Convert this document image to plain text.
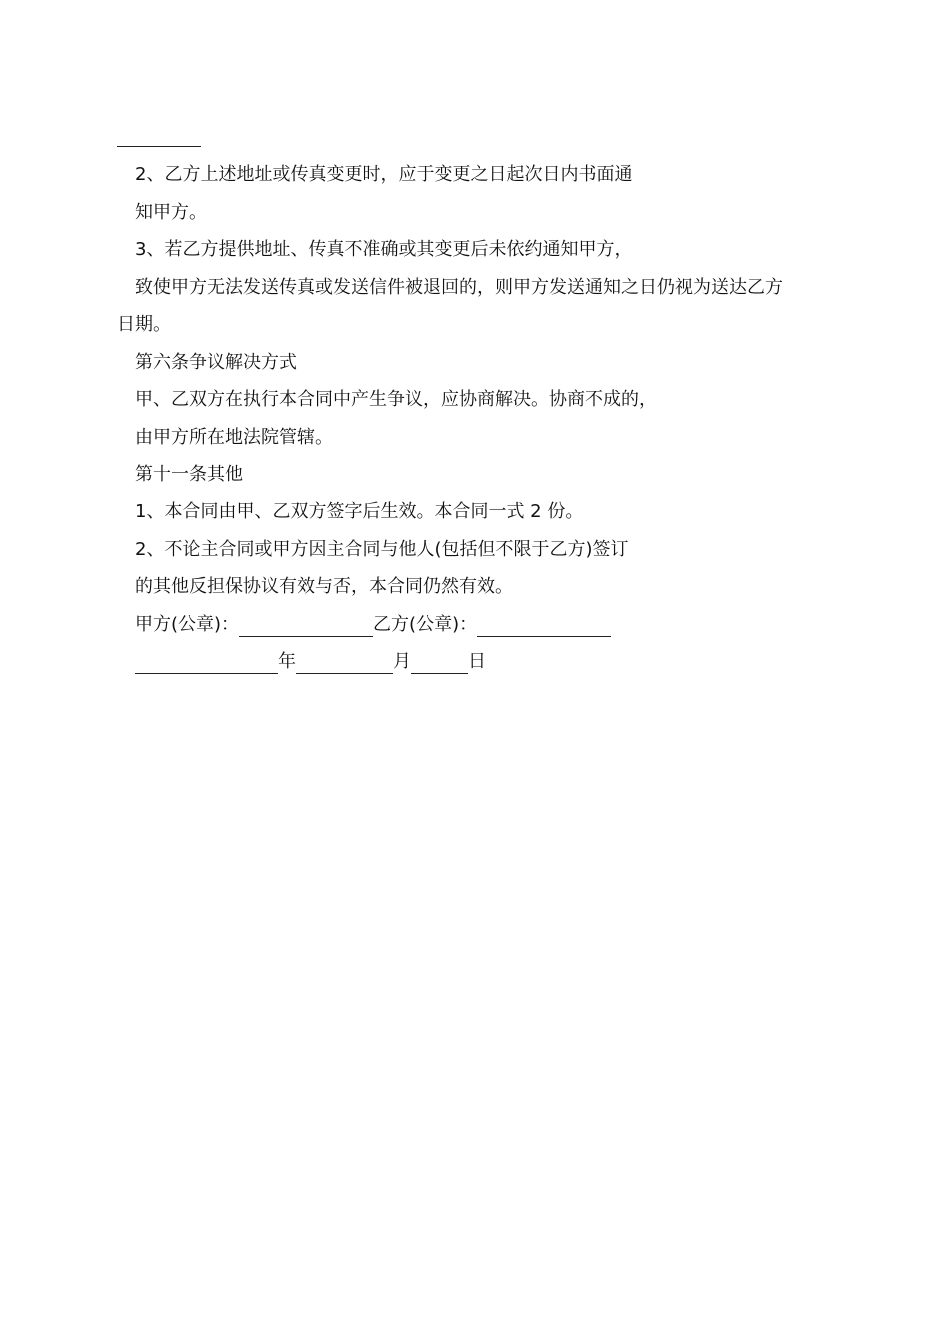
2、乙方上述地址或传真变更时，应于变更之日起次日内书面通
知甲方。
3、若乙方提供地址、传真不准确或其变更后未依约通知甲方，
致使甲方无法发送传真或发送信件被退回的，则甲方发送通知之日仍视为送达乙方
日期。
第六条争议解决方式
甲、乙双方在执行本合同中产生争议，应协商解决。协商不成的，
由甲方所在地法院管辖。
第十一条其他
1、本合同由甲、乙双方签字后生效。本合同一式 2 份。
2、不论主合同或甲方因主合同与他人(包括但不限于乙方)签订
的其他反担保协议有效与否，本合同仍然有效。
甲方(公章)：	乙方(公章)：
年	月	日
